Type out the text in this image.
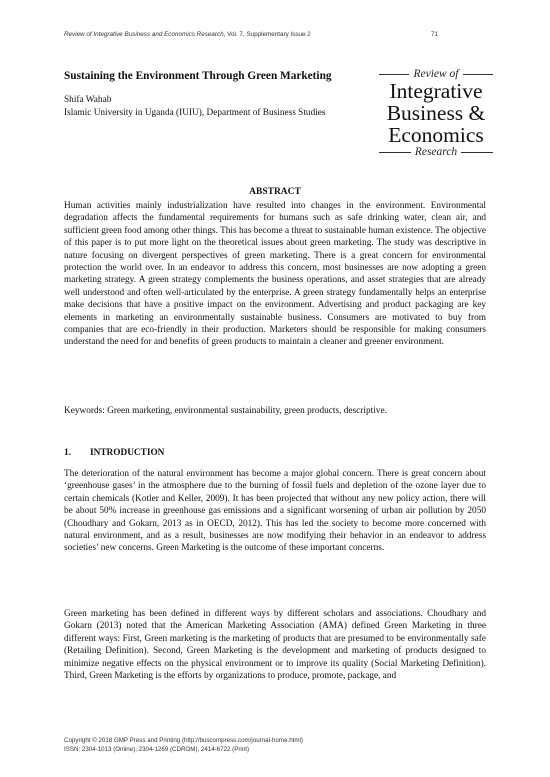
Review of Integrative Business and Economics Research, Vol. 7, Supplementary Issue 2	71
Sustaining the Environment Through Green Marketing
Shifa Wahab
Islamic University in Uganda (IUIU), Department of Business Studies
Review of
Integrative
Business &
Economics
Research
ABSTRACT
Human activities mainly industrialization have resulted into changes in the environment. Environmental degradation affects the fundamental requirements for humans such as safe drinking water, clean air, and sufficient green food among other things. This has become a threat to sustainable human existence. The objective of this paper is to put more light on the theoretical issues about green marketing. The study was descriptive in nature focusing on divergent perspectives of green marketing. There is a great concern for environmental protection the world over. In an endeavor to address this concern, most businesses are now adopting a green marketing strategy. A green strategy complements the business operations, and asset strategies that are already well understood and often well-articulated by the enterprise. A green strategy fundamentally helps an enterprise make decisions that have a positive impact on the environment. Advertising and product packaging are key elements in marketing an environmentally sustainable business. Consumers are motivated to buy from companies that are eco-friendly in their production. Marketers should be responsible for making consumers understand the need for and benefits of green products to maintain a cleaner and greener environment.
Keywords: Green marketing, environmental sustainability, green products, descriptive.
1. INTRODUCTION
The deterioration of the natural environment has become a major global concern. There is great concern about ‘greenhouse gases’ in the atmosphere due to the burning of fossil fuels and depletion of the ozone layer due to certain chemicals (Kotler and Keller, 2009). It has been projected that without any new policy action, there will be about 50% increase in greenhouse gas emissions and a significant worsening of urban air pollution by 2050 (Choudhary and Gokarn, 2013 as in OECD, 2012). This has led the society to become more concerned with natural environment, and as a result, businesses are now modifying their behavior in an endeavor to address societies’ new concerns. Green Marketing is the outcome of these important concerns.
Green marketing has been defined in different ways by different scholars and associations. Choudhary and Gokarn (2013) noted that the American Marketing Association (AMA) defined Green Marketing in three different ways: First, Green marketing is the marketing of products that are presumed to be environmentally safe (Retailing Definition). Second, Green Marketing is the development and marketing of products designed to minimize negative effects on the physical environment or to improve its quality (Social Marketing Definition). Third, Green Marketing is the efforts by organizations to produce, promote, package, and
Copyright © 2018 GMP Press and Printing (http://buscompress.com/journal-home.html)
ISSN: 2304-1013 (Online); 2304-1269 (CDROM); 2414-6722 (Print)
